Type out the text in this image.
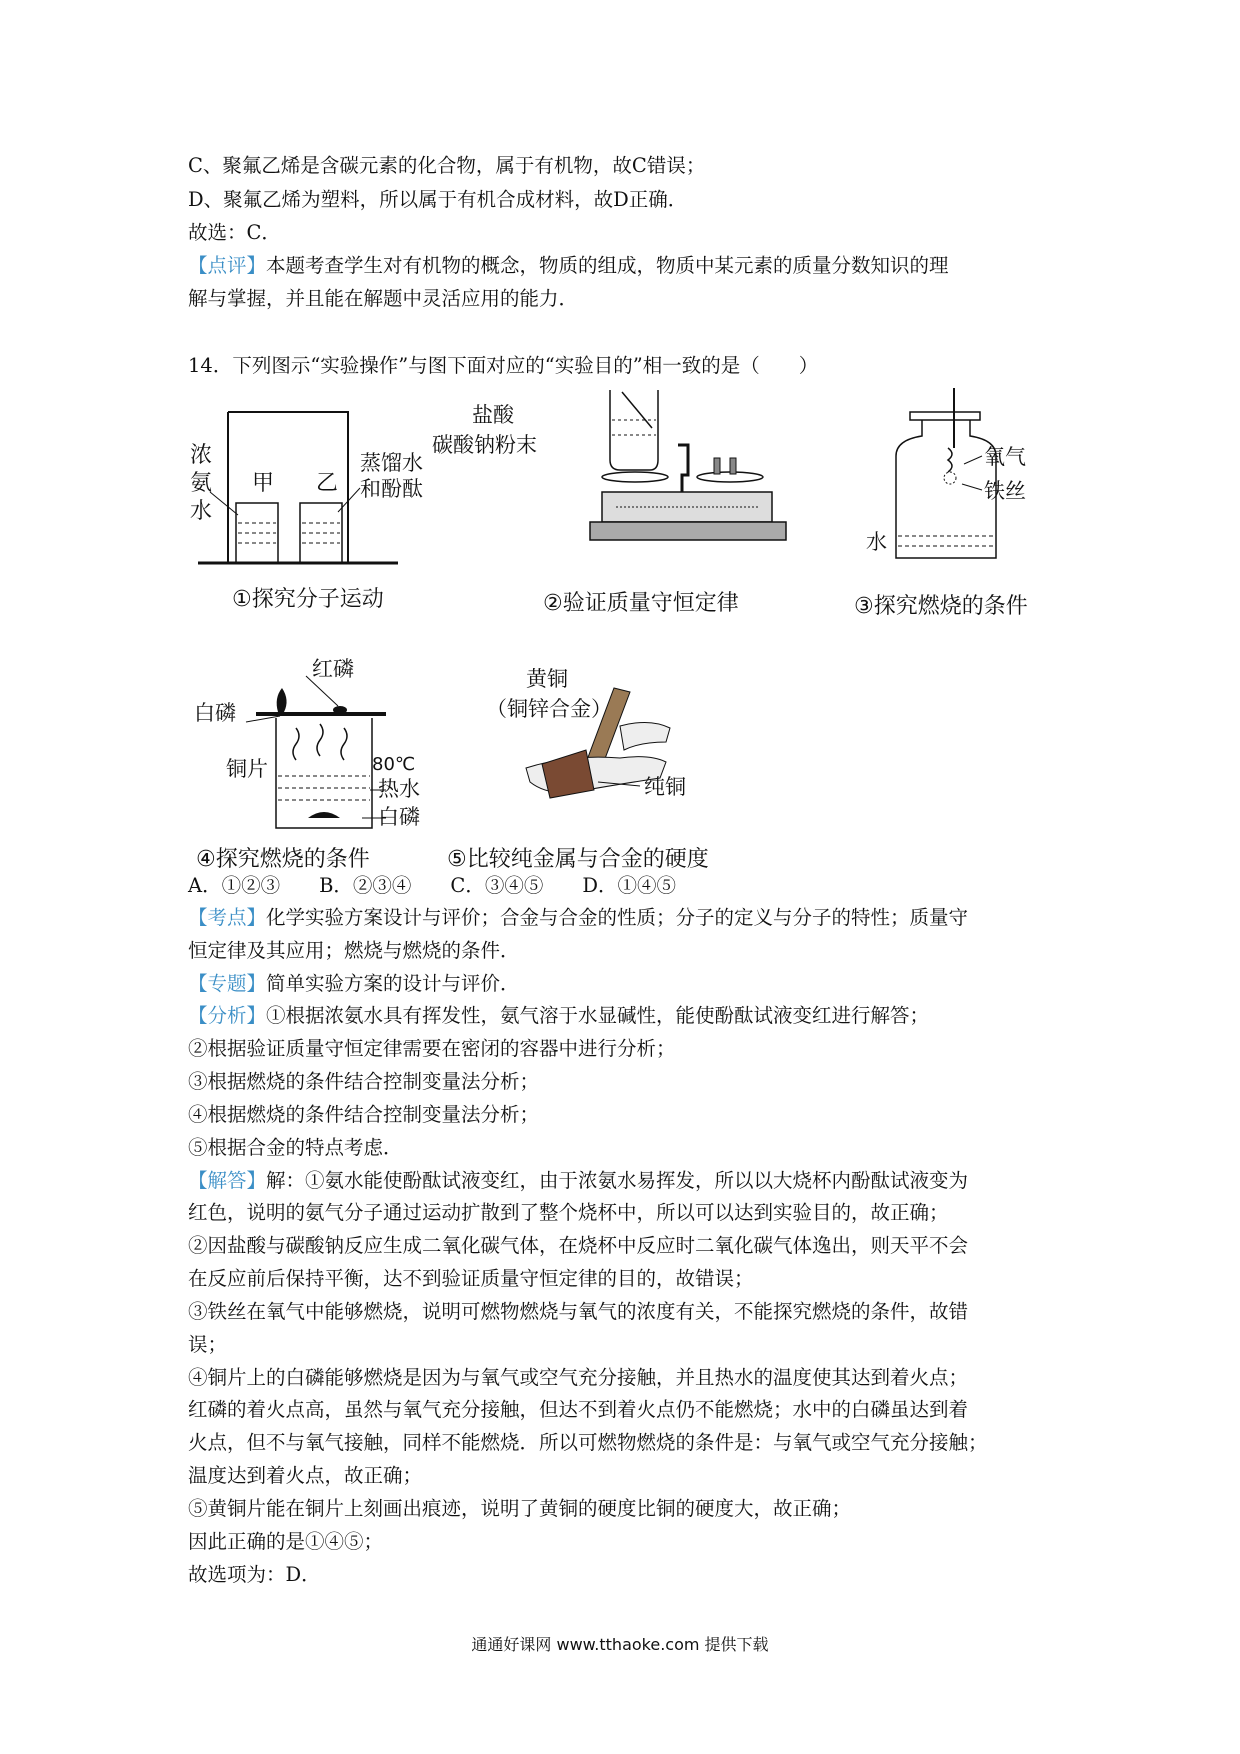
C、聚氟乙烯是含碳元素的化合物，属于有机物，故C错误；
D、聚氟乙烯为塑料，所以属于有机合成材料，故D正确．
故选：C．
【点评】本题考查学生对有机物的概念，物质的组成，物质中某元素的质量分数知识的理
解与掌握，并且能在解题中灵活应用的能力．
14．下列图示“实验操作”与图下面对应的“实验目的”相一致的是（　　）
浓
氨
水
甲 乙
蒸馏水
和酚酞
①探究分子运动
盐酸
碳酸钠粉末
②验证质量守恒定律
氧气
铁丝
水
③探究燃烧的条件
红磷
白磷
铜片	80℃
热水
白磷
④探究燃烧的条件
黄铜
（铜锌合金）
纯铜
⑤比较纯金属与合金的硬度
A．①②③　　B．②③④　　C．③④⑤　　D．①④⑤
【考点】化学实验方案设计与评价；合金与合金的性质；分子的定义与分子的特性；质量守
恒定律及其应用；燃烧与燃烧的条件．
【专题】简单实验方案的设计与评价．
【分析】①根据浓氨水具有挥发性，氨气溶于水显碱性，能使酚酞试液变红进行解答；
②根据验证质量守恒定律需要在密闭的容器中进行分析；
③根据燃烧的条件结合控制变量法分析；
④根据燃烧的条件结合控制变量法分析；
⑤根据合金的特点考虑．
【解答】解：①氨水能使酚酞试液变红，由于浓氨水易挥发，所以以大烧杯内酚酞试液变为
红色，说明的氨气分子通过运动扩散到了整个烧杯中，所以可以达到实验目的，故正确；
②因盐酸与碳酸钠反应生成二氧化碳气体，在烧杯中反应时二氧化碳气体逸出，则天平不会
在反应前后保持平衡，达不到验证质量守恒定律的目的，故错误；
③铁丝在氧气中能够燃烧，说明可燃物燃烧与氧气的浓度有关，不能探究燃烧的条件，故错
误；
④铜片上的白磷能够燃烧是因为与氧气或空气充分接触，并且热水的温度使其达到着火点；
红磷的着火点高，虽然与氧气充分接触，但达不到着火点仍不能燃烧；水中的白磷虽达到着
火点，但不与氧气接触，同样不能燃烧．所以可燃物燃烧的条件是：与氧气或空气充分接触；
温度达到着火点，故正确；
⑤黄铜片能在铜片上刻画出痕迹，说明了黄铜的硬度比铜的硬度大，故正确；
因此正确的是①④⑤；
故选项为：D．
通通好课网 www.tthaoke.com 提供下载
